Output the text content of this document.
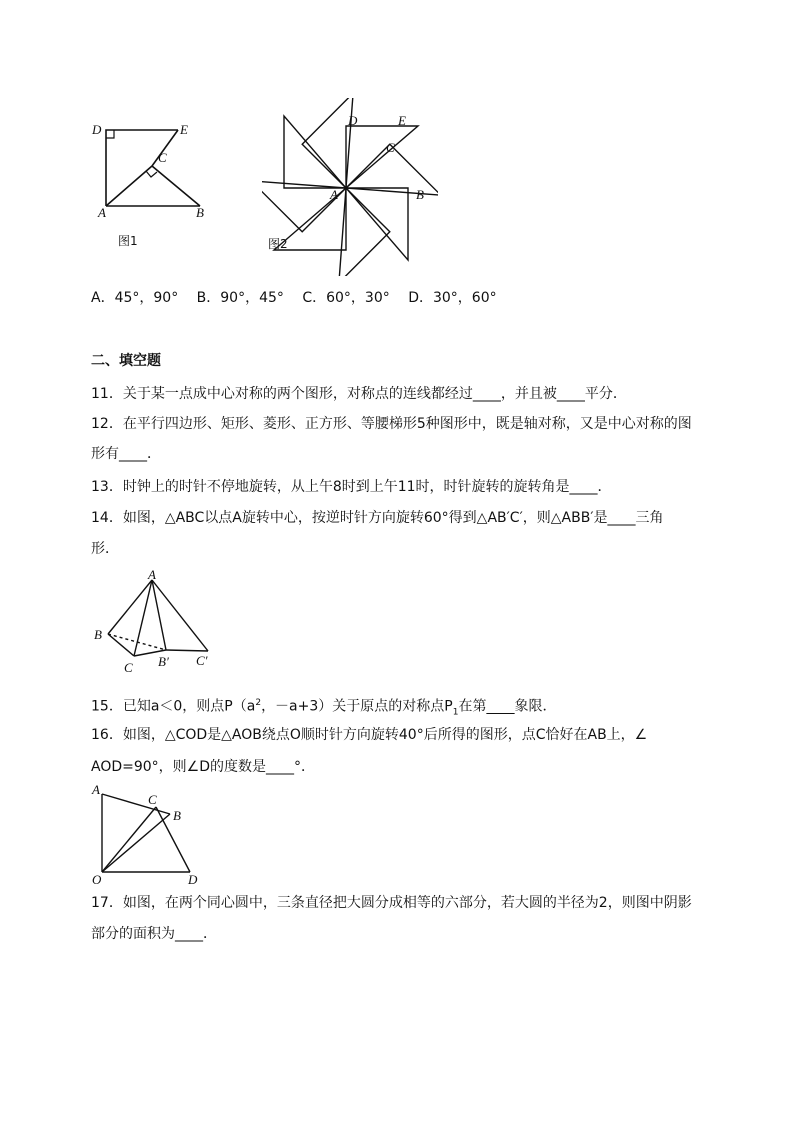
D	E
C
A	B
图1
D	E
C
A	B
图2
A．45°，90°　 B．90°，45°　 C．60°，30°　 D．30°，60°
二、填空题
11．关于某一点成中心对称的两个图形，对称点的连线都经过____，并且被____平分．
12．在平行四边形、矩形、菱形、正方形、等腰梯形5种图形中，既是轴对称，又是中心对称的图
形有____．
13．时钟上的时针不停地旋转，从上午8时到上午11时，时针旋转的旋转角是____．
14．如图，△ABC以点A旋转中心，按逆时针方向旋转60°得到△AB′C′，则△ABB′是____三角
形．
A
B
C B′ C′
15．已知a＜0，则点$P(a^2$，－a+3）关于原点的对称点$P_1$在第____象限．
16．如图，△COD是△AOB绕点O顺时针方向旋转40°后所得的图形，点C恰好在AB上，∠
AOD=90°，则∠D的度数是____°．
A
C
B
O	D
17．如图，在两个同心圆中，三条直径把大圆分成相等的六部分，若大圆的半径为2，则图中阴影
部分的面积为____．
